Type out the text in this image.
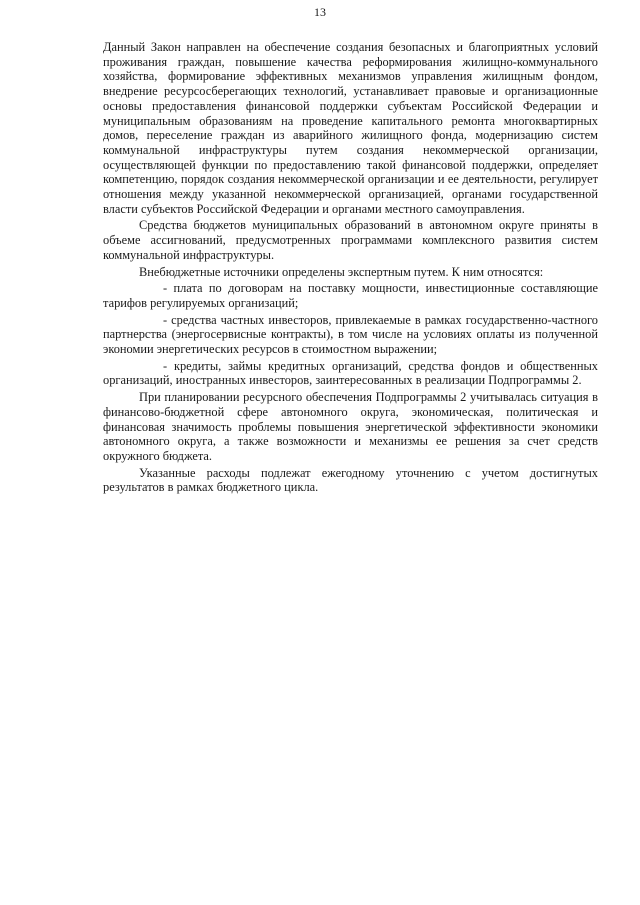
13

Данный Закон направлен на обеспечение создания безопасных и благоприятных условий проживания граждан, повышение качества реформирования жилищно-коммунального хозяйства, формирование эффективных механизмов управления жилищным фондом, внедрение ресурсосберегающих технологий, устанавливает правовые и организационные основы предоставления финансовой поддержки субъектам Российской Федерации и муниципальным образованиям на проведение капитального ремонта многоквартирных домов, переселение граждан из аварийного жилищного фонда, модернизацию систем коммунальной инфраструктуры путем создания некоммерческой организации, осуществляющей функции по предоставлению такой финансовой поддержки, определяет компетенцию, порядок создания некоммерческой организации и ее деятельности, регулирует отношения между указанной некоммерческой организацией, органами государственной власти субъектов Российской Федерации и органами местного самоуправления.

Средства бюджетов муниципальных образований в автономном округе приняты в объеме ассигнований, предусмотренных программами комплексного развития систем коммунальной инфраструктуры.

Внебюджетные источники определены экспертным путем. К ним относятся:

- плата по договорам на поставку мощности, инвестиционные составляющие тарифов регулируемых организаций;

- средства частных инвесторов, привлекаемые в рамках государственно-частного партнерства (энергосервисные контракты), в том числе на условиях оплаты из полученной экономии энергетических ресурсов в стоимостном выражении;

- кредиты, займы кредитных организаций, средства фондов и общественных организаций, иностранных инвесторов, заинтересованных в реализации Подпрограммы 2.

При планировании ресурсного обеспечения Подпрограммы 2 учитывалась ситуация в финансово-бюджетной сфере автономного округа, экономическая, политическая и финансовая значимость проблемы повышения энергетической эффективности экономики автономного округа, а также возможности и механизмы ее решения за счет средств окружного бюджета.

Указанные расходы подлежат ежегодному уточнению с учетом достигнутых результатов в рамках бюджетного цикла.
